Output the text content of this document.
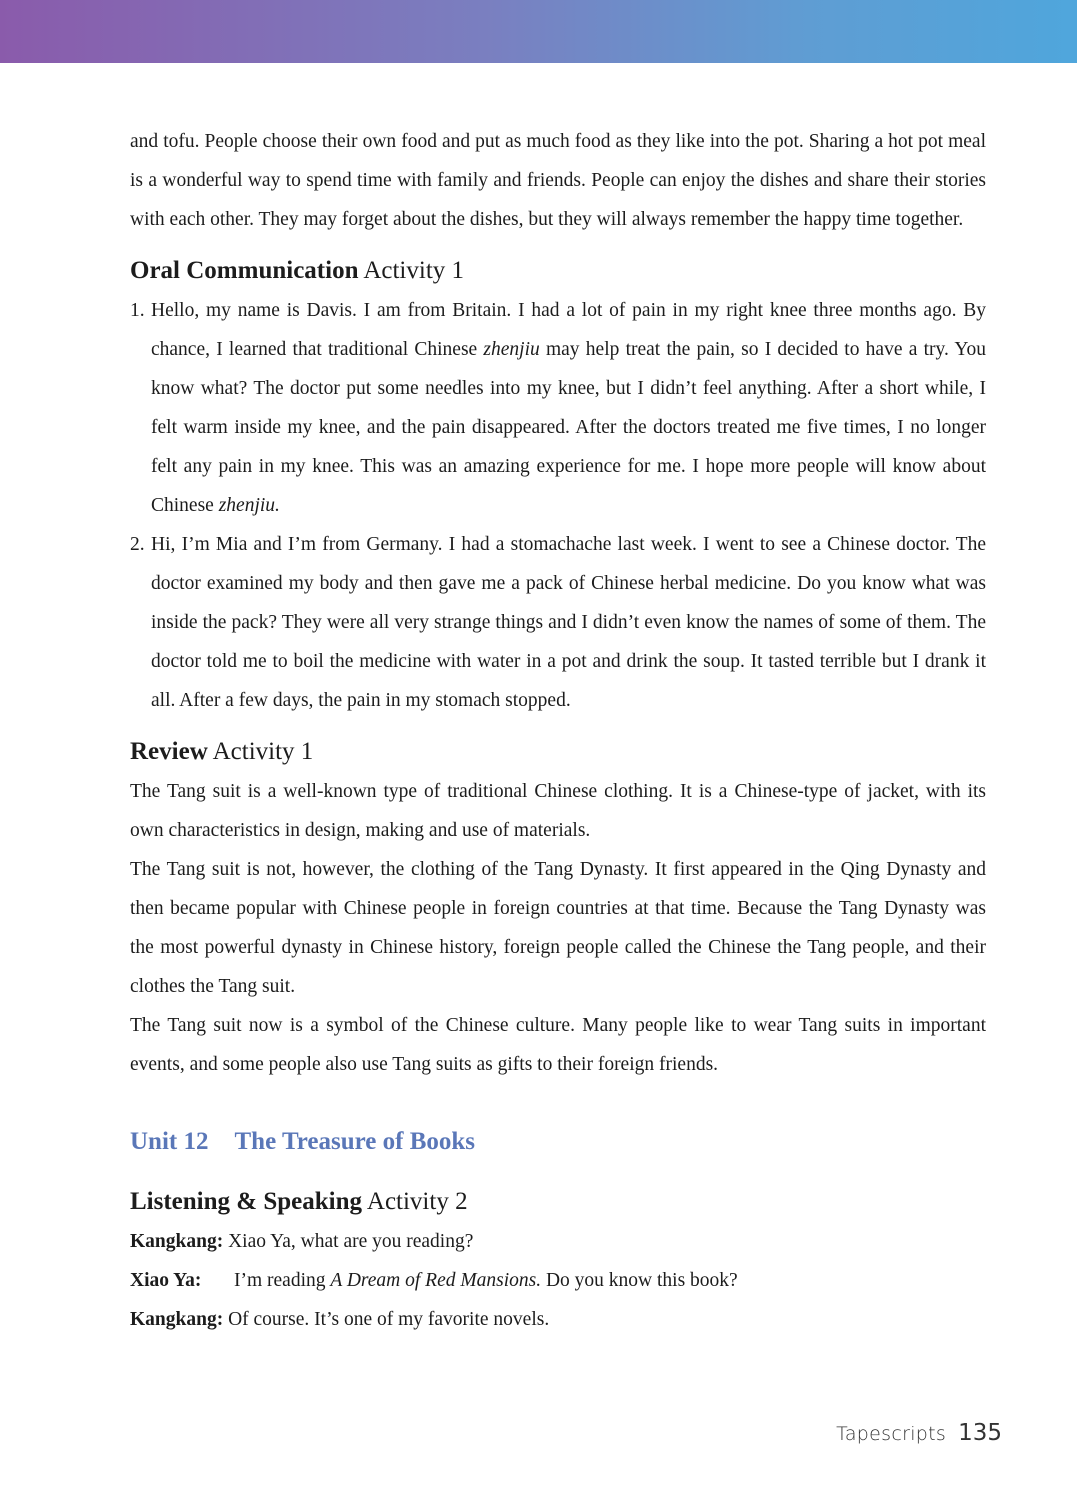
and tofu. People choose their own food and put as much food as they like into the pot. Sharing a hot pot meal is a wonderful way to spend time with family and friends. People can enjoy the dishes and share their stories with each other. They may forget about the dishes, but they will always remember the happy time together.

Oral Communication Activity 1
1. Hello, my name is Davis. I am from Britain. I had a lot of pain in my right knee three months ago. By chance, I learned that traditional Chinese zhenjiu may help treat the pain, so I decided to have a try. You know what? The doctor put some needles into my knee, but I didn’t feel anything. After a short while, I felt warm inside my knee, and the pain disappeared. After the doctors treated me five times, I no longer felt any pain in my knee. This was an amazing experience for me. I hope more people will know about Chinese zhenjiu.
2. Hi, I’m Mia and I’m from Germany. I had a stomachache last week. I went to see a Chinese doctor. The doctor examined my body and then gave me a pack of Chinese herbal medicine. Do you know what was inside the pack? They were all very strange things and I didn’t even know the names of some of them. The doctor told me to boil the medicine with water in a pot and drink the soup. It tasted terrible but I drank it all. After a few days, the pain in my stomach stopped.
Review Activity 1

The Tang suit is a well-known type of traditional Chinese clothing. It is a Chinese-type of jacket, with its own characteristics in design, making and use of materials.

The Tang suit is not, however, the clothing of the Tang Dynasty. It first appeared in the Qing Dynasty and then became popular with Chinese people in foreign countries at that time. Because the Tang Dynasty was the most powerful dynasty in Chinese history, foreign people called the Chinese the Tang people, and their clothes the Tang suit.

The Tang suit now is a symbol of the Chinese culture. Many people like to wear Tang suits in important events, and some people also use Tang suits as gifts to their foreign friends.

Unit 12 The Treasure of Books
Listening & Speaking Activity 2
Kangkang: Xiao Ya, what are you reading?
Xiao Ya:	I’m reading A Dream of Red Mansions. Do you know this book?
Kangkang: Of course. It’s one of my favorite novels.
Tapescripts 135
